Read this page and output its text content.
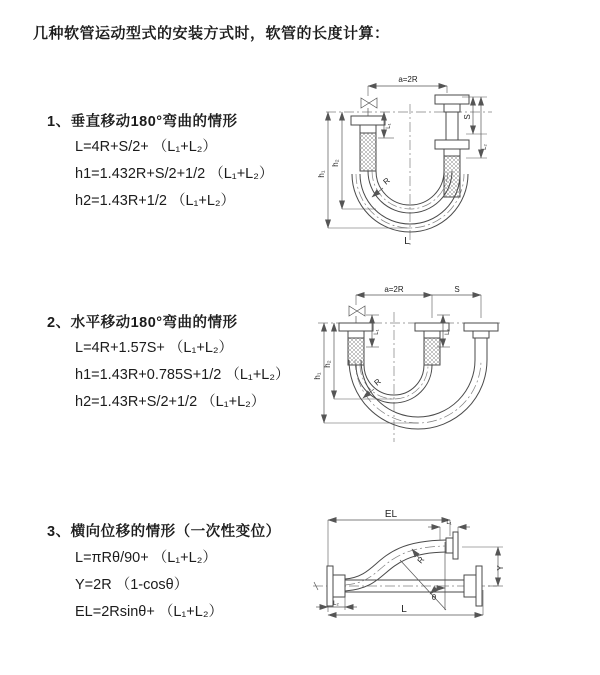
几种软管运动型式的安装方式时，软管的长度计算：
1、垂直移动180°弯曲的情形
L=4R+S/2+ （L₁+L₂）
h1=1.432R+S/2+1/2 （L₁+L₂）
h2=1.43R+1/2 （L₁+L₂）
a=2R
R
h₁
h₂
L₁
S
L₂
L
2、水平移动180°弯曲的情形
L=4R+1.57S+ （L₁+L₂）
h1=1.43R+0.785S+1/2 （L₁+L₂）
h2=1.43R+S/2+1/2 （L₁+L₂）
a=2R	S
R
h₁
h₂
L₁	L₂
3、横向位移的情形（一次性变位）
L=πRθ/90+ （L₁+L₂）
Y=2R （1-cosθ）
EL=2Rsinθ+ （L₁+L₂）
EL
L₁
Y
θ
R
L
L₂
